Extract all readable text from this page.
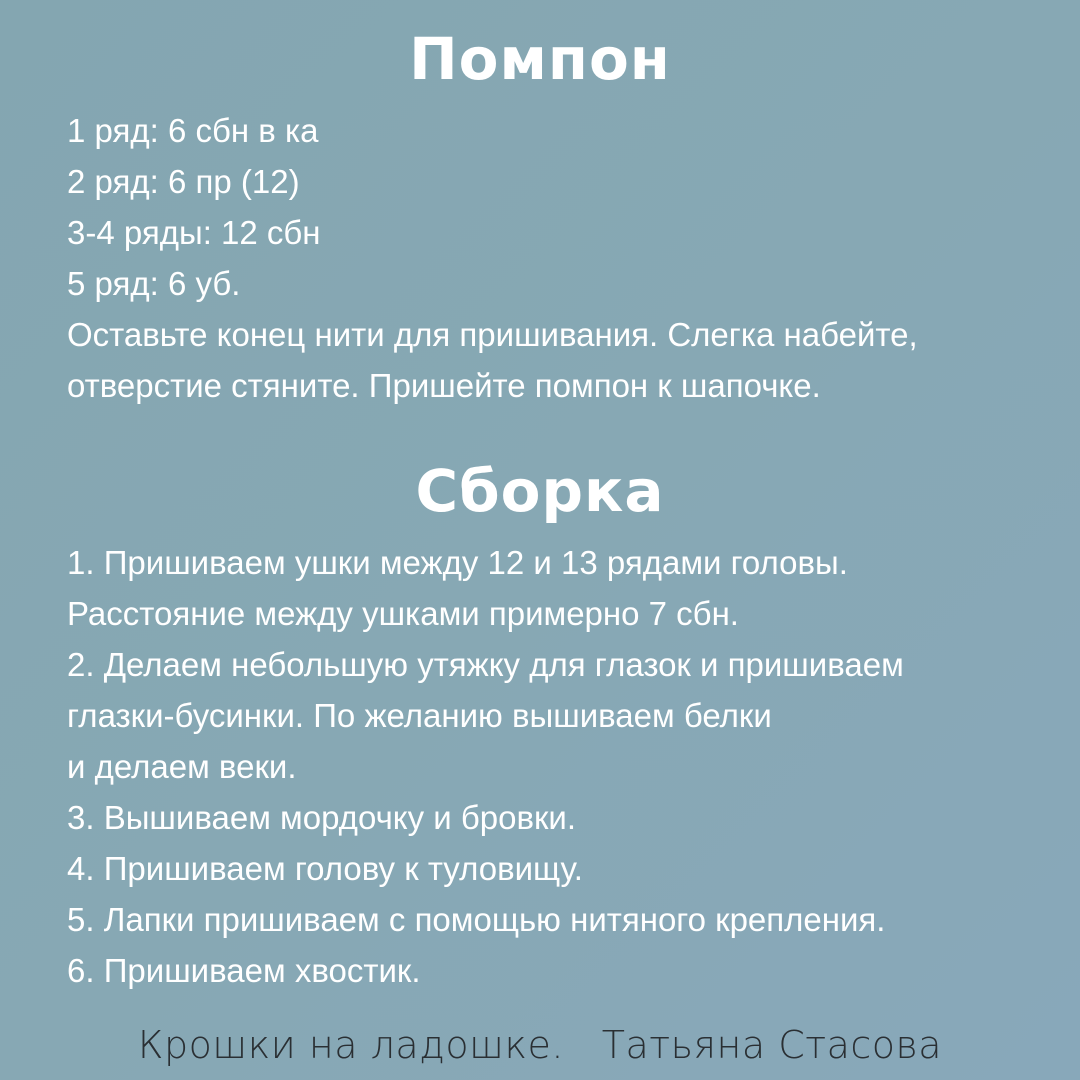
Помпон
1 ряд: 6 сбн в ка
2 ряд: 6 пр (12)
3-4 ряды: 12 сбн
5 ряд: 6 уб.
Оставьте конец нити для пришивания. Слегка набейте,
отверстие стяните. Пришейте помпон к шапочке.
Сборка
1. Пришиваем ушки между 12 и 13 рядами головы.
Расстояние между ушками примерно 7 сбн.
2. Делаем небольшую утяжку для глазок и пришиваем
глазки-бусинки. По желанию вышиваем белки
и делаем веки.
3. Вышиваем мордочку и бровки.
4. Пришиваем голову к туловищу.
5. Лапки пришиваем с помощью нитяного крепления.
6. Пришиваем хвостик.
Крошки на ладошке. Татьяна Стасова
